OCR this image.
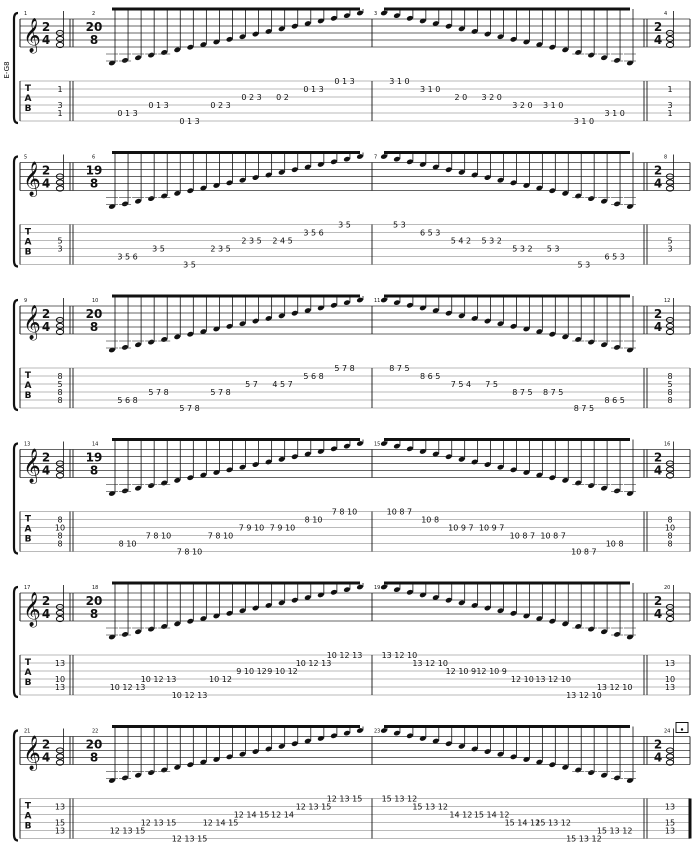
E-G8
1	2	3	4
𝄞 2
4
20
8
2
4
T
A
B
1
3
1
1
3
1
0 1 3
0 1 3
0 1 3
0 2 3
0 2 3 0 2
0 1 3
0 1 3	3 1 0
3 1 0
2 0 3 2 0
3 2 0 3 1 0
3 1 0
3 1 0
5	6	7	8
𝄞 2
4
19
8
2
4
T
A
B
5
3
5
3
3 5 6
3 5
3 5
2 3 5
2 3 5 2 4 5
3 5 6
3 5	5 3
6 5 3
5 4 2 5 3 2
5 3 2 5 3
5 3
6 5 3
9	10	11	12
𝄞 2
4
20
8
2
4
T
A
B
8
5
8
8
8
5
8
8
5 6 8
5 7 8
5 7 8
5 7 8
5 7 4 5 7
5 6 8
5 7 8	8 7 5
8 6 5
7 5 4 7 5
8 7 5 8 7 5
8 7 5
8 6 5
13	14	15	16
𝄞 2
4
19
8
2
4
T
A
B
8
10
8
8
8
10
8
8
8 10
7 8 10
7 8 10
7 8 10
7 9 10 7 9 10
8 10
7 8 10	10 8 7
10 8
10 9 7 10 9 7
10 8 7 10 8 7
10 8 7
10 8
17	18	19	20
𝄞 2
4
20
8
2
4
T
A
B
13
10
13
13
10
13
10 12 13
10 12 13
10 12 13
10 12
9 10 12 9 10 12
10 12 13
10 12 13 13 12 10
13 12 10
12 10 9 12 10 9
12 10 13 12 10
13 12 10
13 12 10
21	22	23	24
𝄞 2
4
20
8
2
4
T
A
B
13
15
13
13
15
13
12 13 15
12 13 15
12 13 15
12 14 15
12 14 15 12 14
12 13 15
12 13 15 15 13 12
15 13 12
14 12 15 14 12
15 14 12
15 13 12
15 13 12
15 13 12
